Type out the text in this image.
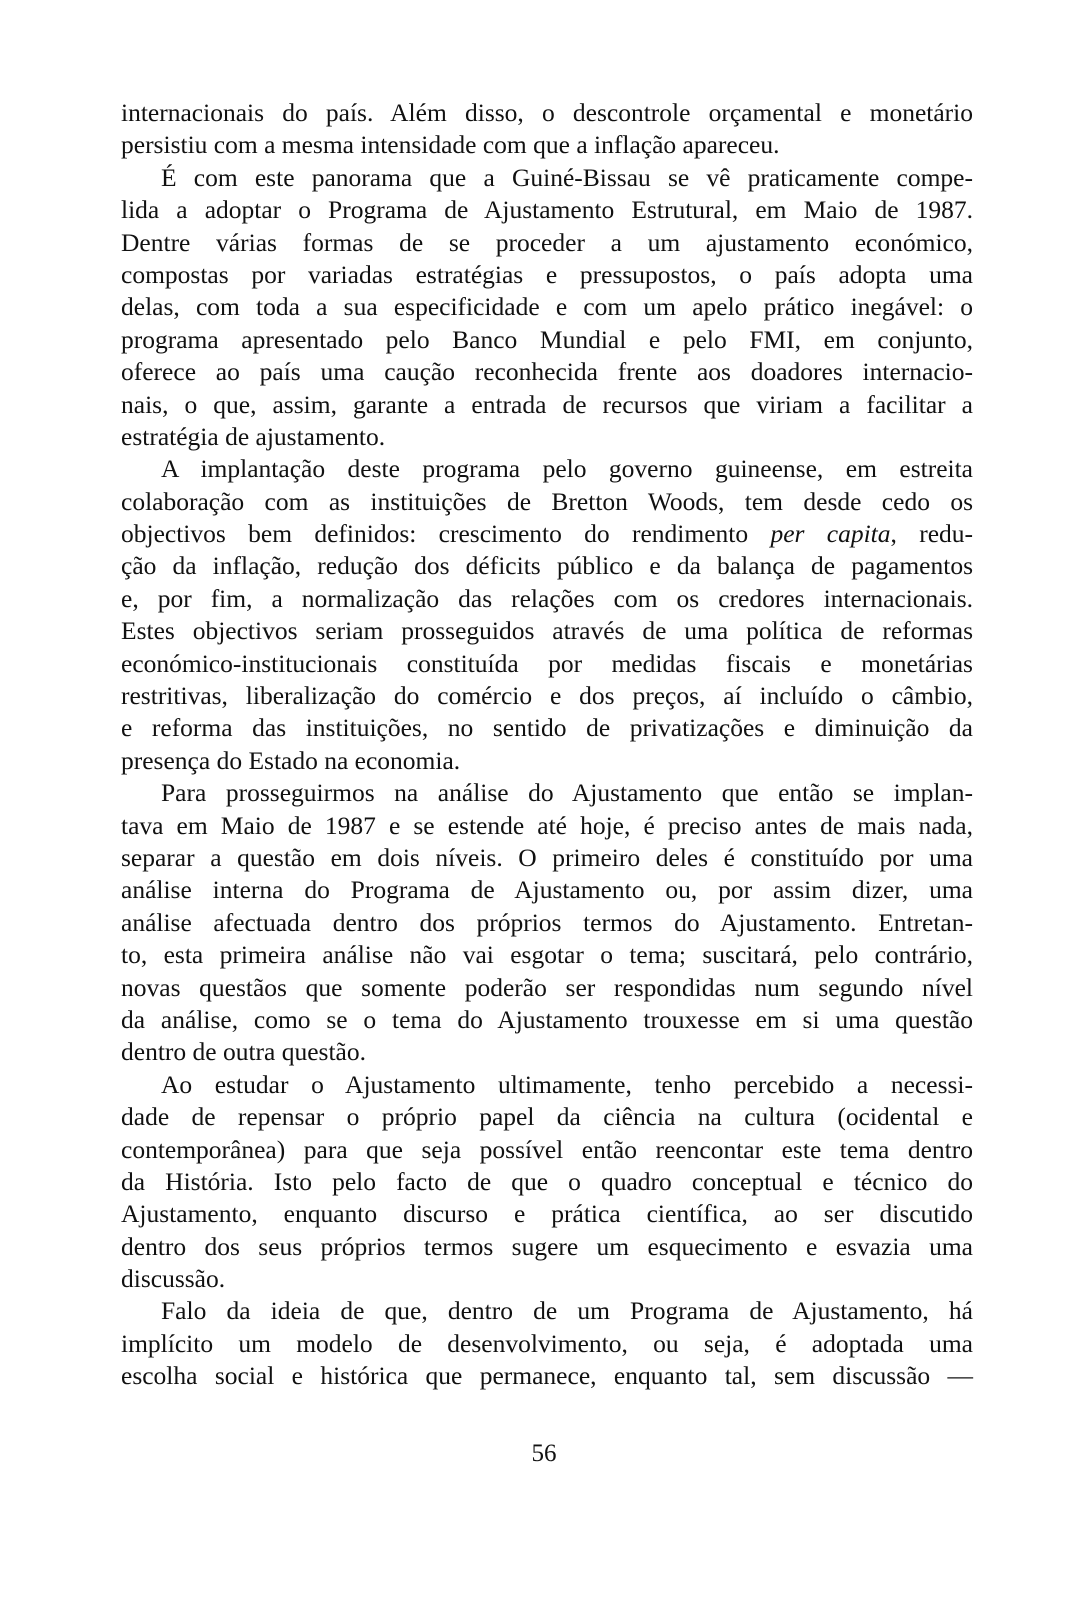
internacionais do país. Além disso, o descontrole orçamental e monetário
persistiu com a mesma intensidade com que a inflação apareceu.
É com este panorama que a Guiné-Bissau se vê praticamente compe-
lida a adoptar o Programa de Ajustamento Estrutural, em Maio de 1987.
Dentre várias formas de se proceder a um ajustamento económico,
compostas por variadas estratégias e pressupostos, o país adopta uma
delas, com toda a sua especificidade e com um apelo prático inegável: o
programa apresentado pelo Banco Mundial e pelo FMI, em conjunto,
oferece ao país uma caução reconhecida frente aos doadores internacio-
nais, o que, assim, garante a entrada de recursos que viriam a facilitar a
estratégia de ajustamento.
A implantação deste programa pelo governo guineense, em estreita
colaboração com as instituições de Bretton Woods, tem desde cedo os
objectivos bem definidos: crescimento do rendimento per capita, redu-
ção da inflação, redução dos déficits público e da balança de pagamentos
e, por fim, a normalização das relações com os credores internacionais.
Estes objectivos seriam prosseguidos através de uma política de reformas
económico-institucionais constituída por medidas fiscais e monetárias
restritivas, liberalização do comércio e dos preços, aí incluído o câmbio,
e reforma das instituições, no sentido de privatizações e diminuição da
presença do Estado na economia.
Para prosseguirmos na análise do Ajustamento que então se implan-
tava em Maio de 1987 e se estende até hoje, é preciso antes de mais nada,
separar a questão em dois níveis. O primeiro deles é constituído por uma
análise interna do Programa de Ajustamento ou, por assim dizer, uma
análise afectuada dentro dos próprios termos do Ajustamento. Entretan-
to, esta primeira análise não vai esgotar o tema; suscitará, pelo contrário,
novas questãos que somente poderão ser respondidas num segundo nível
da análise, como se o tema do Ajustamento trouxesse em si uma questão
dentro de outra questão.
Ao estudar o Ajustamento ultimamente, tenho percebido a necessi-
dade de repensar o próprio papel da ciência na cultura (ocidental e
contemporânea) para que seja possível então reencontar este tema dentro
da História. Isto pelo facto de que o quadro conceptual e técnico do
Ajustamento, enquanto discurso e prática científica, ao ser discutido
dentro dos seus próprios termos sugere um esquecimento e esvazia uma
discussão.
Falo da ideia de que, dentro de um Programa de Ajustamento, há
implícito um modelo de desenvolvimento, ou seja, é adoptada uma
escolha social e histórica que permanece, enquanto tal, sem discussão —
56
